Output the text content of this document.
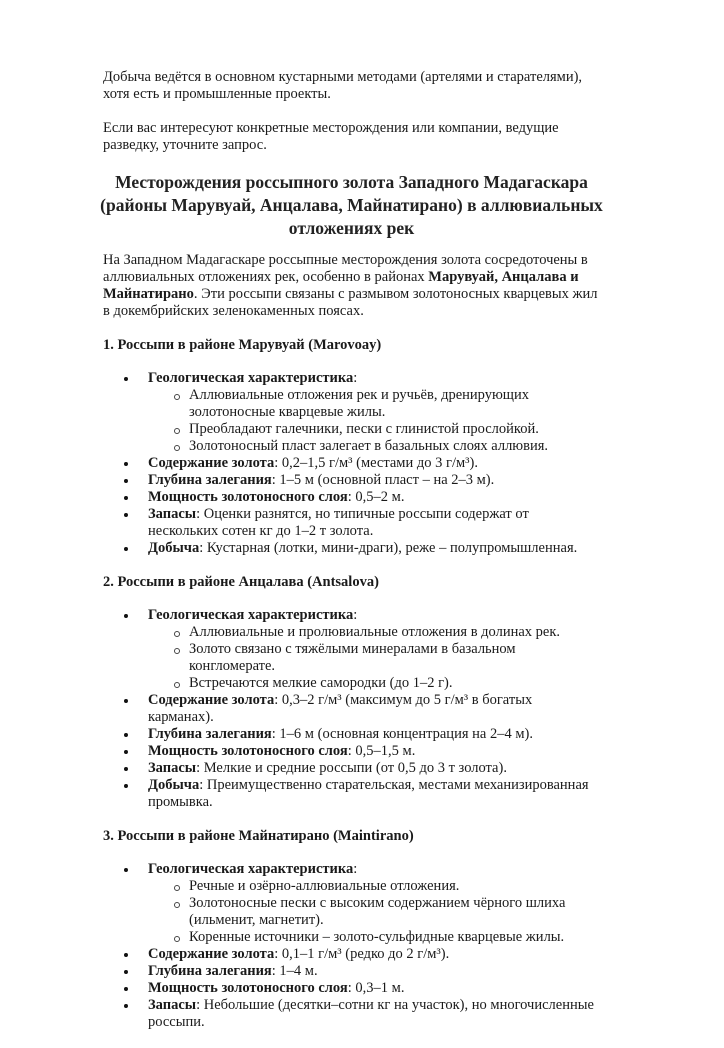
Добыча ведётся в основном кустарными методами (артелями и старателями), хотя есть и промышленные проекты.

Если вас интересуют конкретные месторождения или компании, ведущие разведку, уточните запрос.

Месторождения россыпного золота Западного Мадагаскара (районы Марувуай, Анцалава, Майнатирано) в аллювиальных отложениях рек

На Западном Мадагаскаре россыпные месторождения золота сосредоточены в аллювиальных отложениях рек, особенно в районах Марувуай, Анцалава и Майнатирано. Эти россыпи связаны с размывом золотоносных кварцевых жил в докембрийских зеленокаменных поясах.

1. Россыпи в районе Марувуай (Marovoay)
Геологическая характеристика:
Аллювиальные отложения рек и ручьёв, дренирующих золотоносные кварцевые жилы.
Преобладают галечники, пески с глинистой прослойкой.
Золотоносный пласт залегает в базальных слоях аллювия.
Содержание золота: 0,2–1,5 г/м³ (местами до 3 г/м³).
Глубина залегания: 1–5 м (основной пласт – на 2–3 м).
Мощность золотоносного слоя: 0,5–2 м.
Запасы: Оценки разнятся, но типичные россыпи содержат от нескольких сотен кг до 1–2 т золота.
Добыча: Кустарная (лотки, мини-драги), реже – полупромышленная.
2. Россыпи в районе Анцалава (Antsalova)
Геологическая характеристика:
Аллювиальные и пролювиальные отложения в долинах рек.
Золото связано с тяжёлыми минералами в базальном конгломерате.
Встречаются мелкие самородки (до 1–2 г).
Содержание золота: 0,3–2 г/м³ (максимум до 5 г/м³ в богатых карманах).
Глубина залегания: 1–6 м (основная концентрация на 2–4 м).
Мощность золотоносного слоя: 0,5–1,5 м.
Запасы: Мелкие и средние россыпи (от 0,5 до 3 т золота).
Добыча: Преимущественно старательская, местами механизированная промывка.
3. Россыпи в районе Майнатирано (Maintirano)
Геологическая характеристика:
Речные и озёрно-аллювиальные отложения.
Золотоносные пески с высоким содержанием чёрного шлиха (ильменит, магнетит).
Коренные источники – золото-сульфидные кварцевые жилы.
Содержание золота: 0,1–1 г/м³ (редко до 2 г/м³).
Глубина залегания: 1–4 м.
Мощность золотоносного слоя: 0,3–1 м.
Запасы: Небольшие (десятки–сотни кг на участок), но многочисленные россыпи.
